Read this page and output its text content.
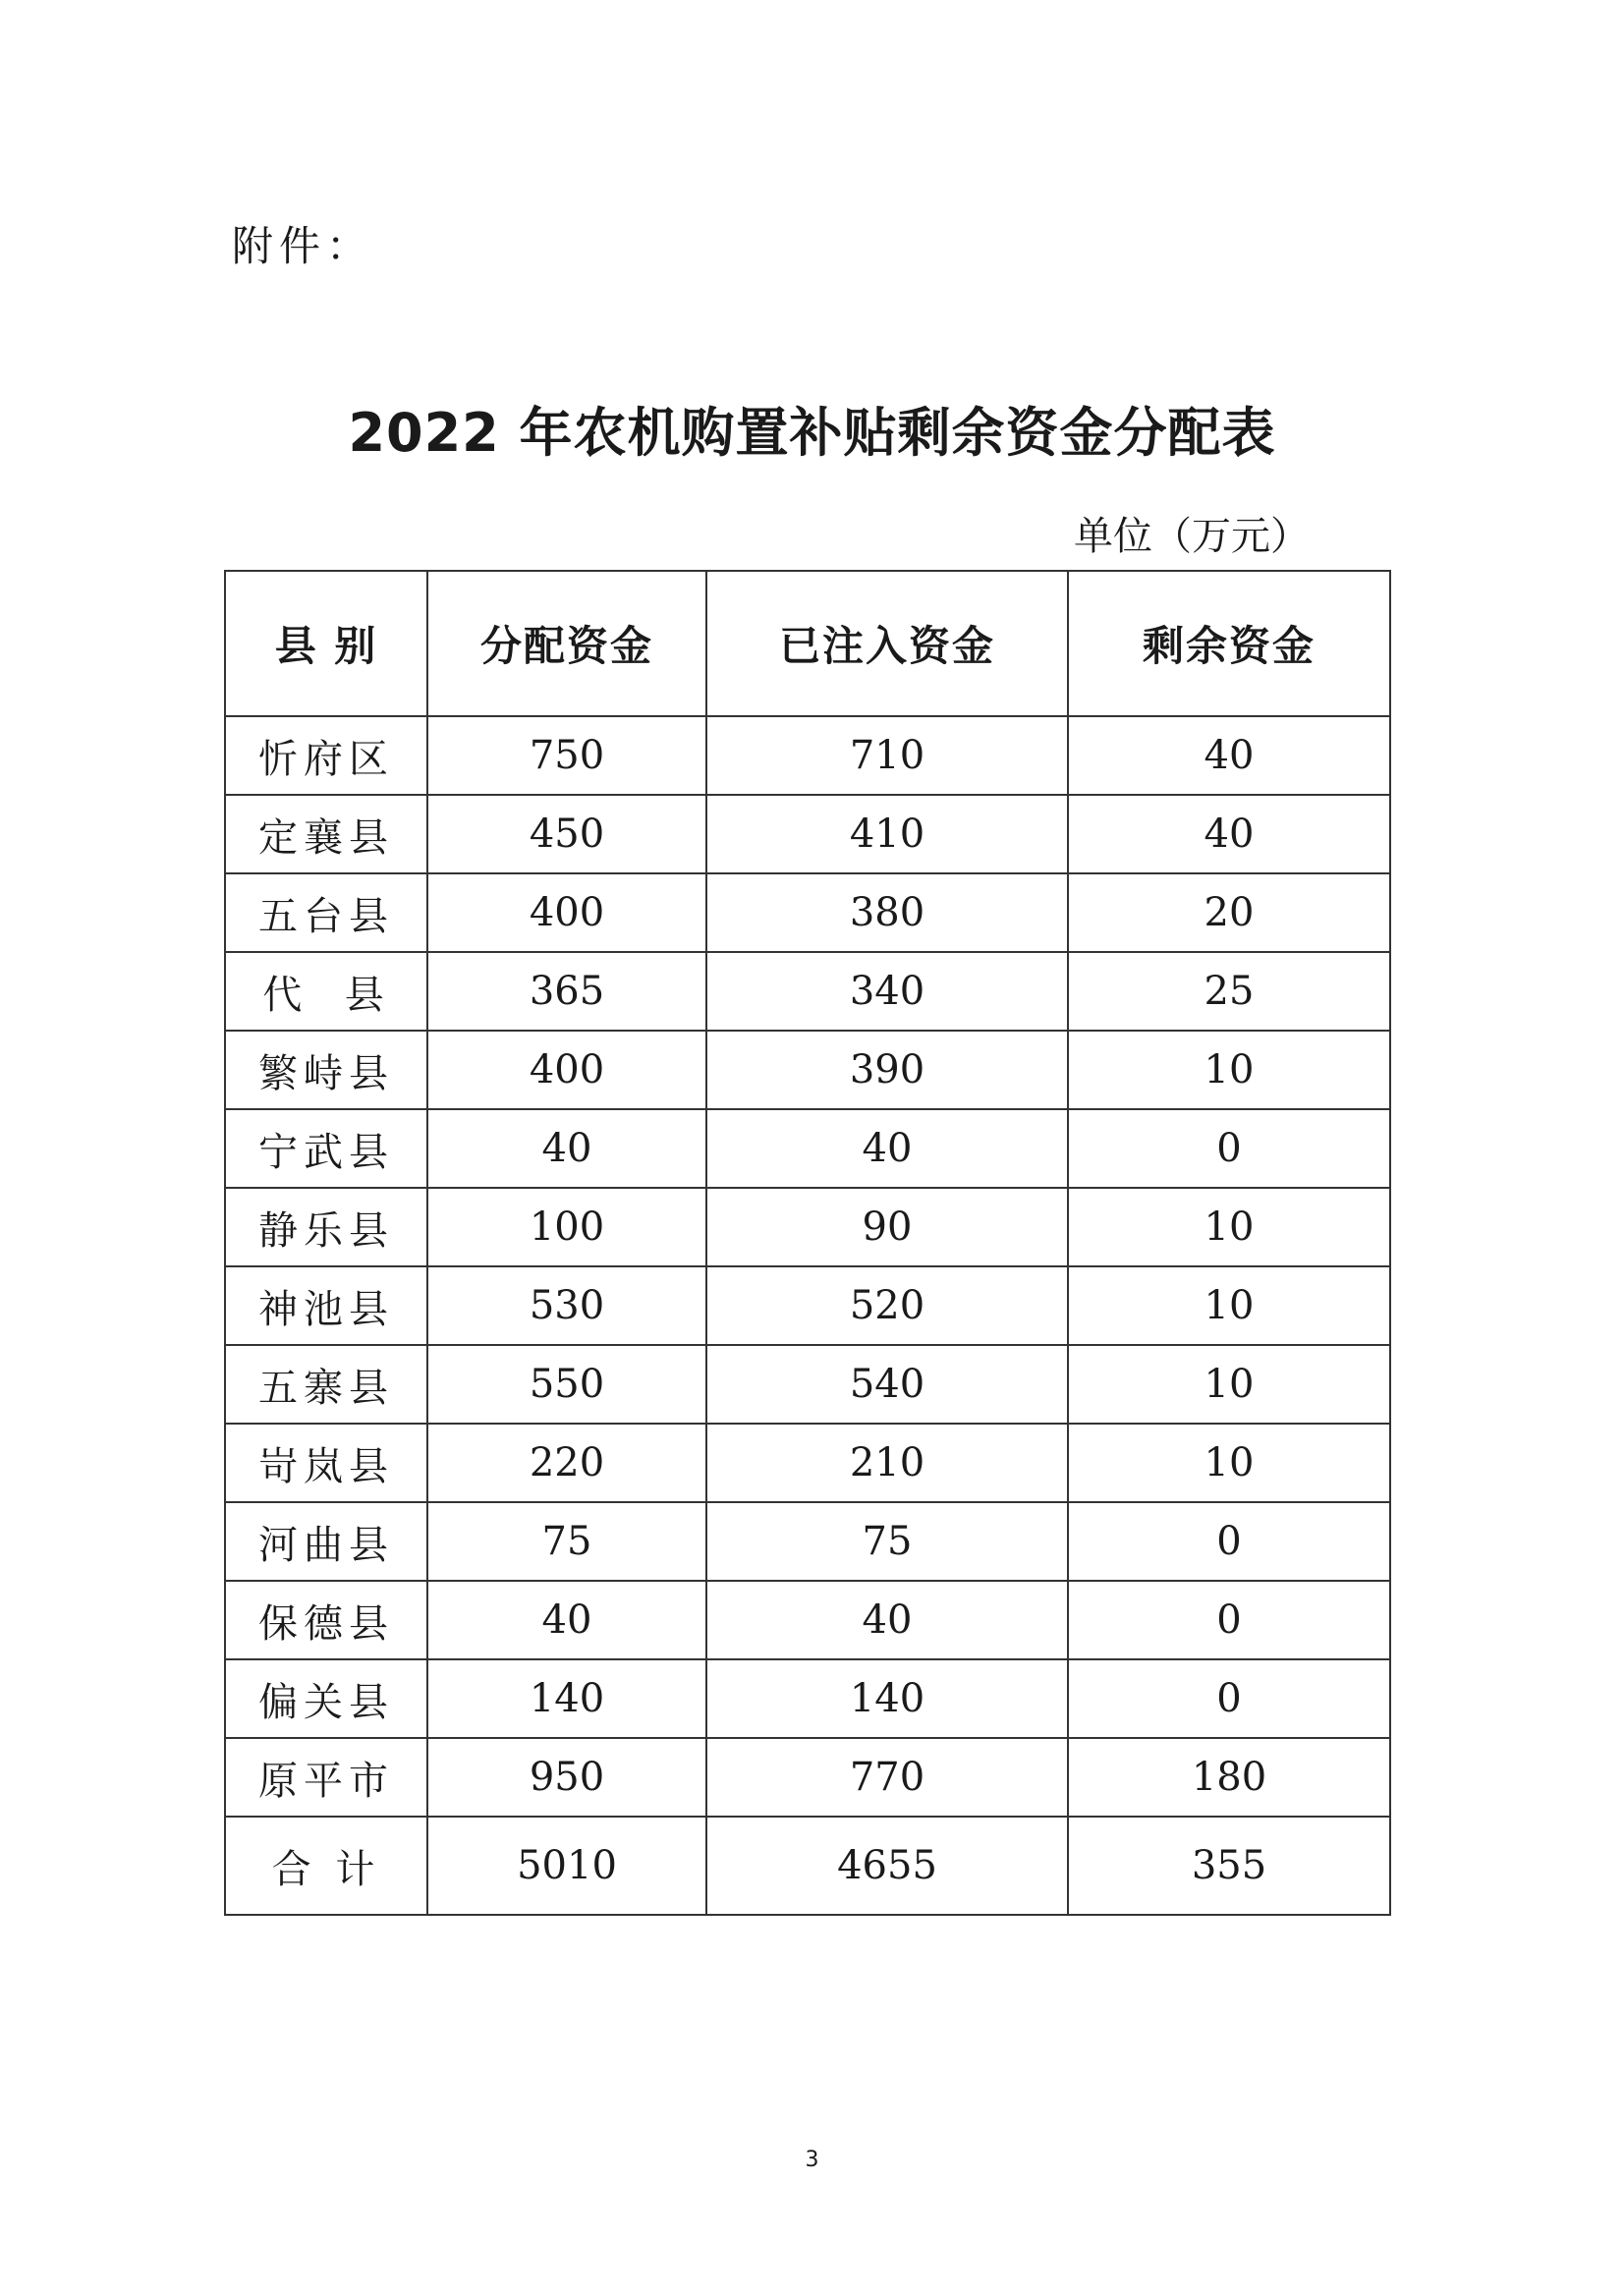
附件：
2022 年农机购置补贴剩余资金分配表
单位（万元）
县 别	分配资金	已注入资金	剩余资金
忻府区	750	710	40
定襄县	450	410	40
五台县	400	380	20
代  县	365	340	25
繁峙县	400	390	10
宁武县	40	40	0
静乐县	100	90	10
神池县	530	520	10
五寨县	550	540	10
岢岚县	220	210	10
河曲县	75	75	0
保德县	40	40	0
偏关县	140	140	0
原平市	950	770	180
合 计	5010	4655	355
3
